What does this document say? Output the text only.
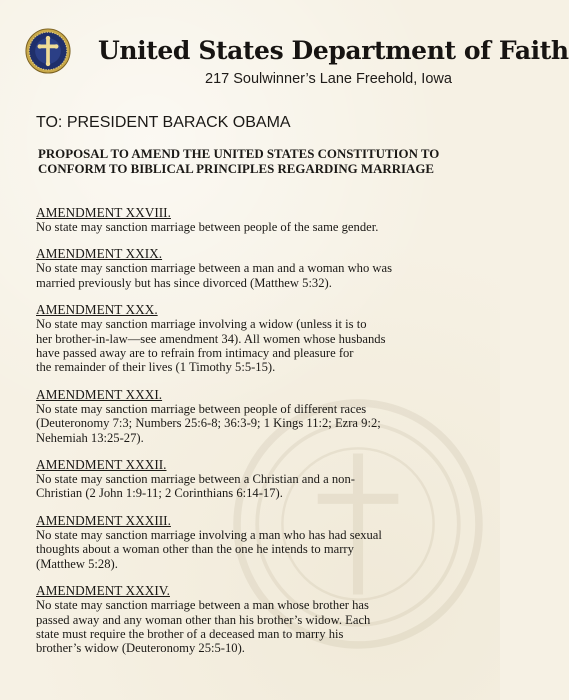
United States Department of Faith
217 Soulwinner’s Lane Freehold, Iowa
TO: PRESIDENT BARACK OBAMA
PROPOSAL TO AMEND THE UNITED STATES CONSTITUTION TO
CONFORM TO BIBLICAL PRINCIPLES REGARDING MARRIAGE
AMENDMENT XXVIII.
No state may sanction marriage between people of the same gender.
AMENDMENT XXIX.
No state may sanction marriage between a man and a woman who was
married previously but has since divorced (Matthew 5:32).
AMENDMENT XXX.
No state may sanction marriage involving a widow (unless it is to
her brother-in-law—see amendment 34). All women whose husbands
have passed away are to refrain from intimacy and pleasure for
the remainder of their lives (1 Timothy 5:5-15).
AMENDMENT XXXI.
No state may sanction marriage between people of different races
(Deuteronomy 7:3; Numbers 25:6-8; 36:3-9; 1 Kings 11:2; Ezra 9:2;
Nehemiah 13:25-27).
AMENDMENT XXXII.
No state may sanction marriage between a Christian and a non-
Christian (2 John 1:9-11; 2 Corinthians 6:14-17).
AMENDMENT XXXIII.
No state may sanction marriage involving a man who has had sexual
thoughts about a woman other than the one he intends to marry
(Matthew 5:28).
AMENDMENT XXXIV.
No state may sanction marriage between a man whose brother has
passed away and any woman other than his brother’s widow. Each
state must require the brother of a deceased man to marry his
brother’s widow (Deuteronomy 25:5-10).
